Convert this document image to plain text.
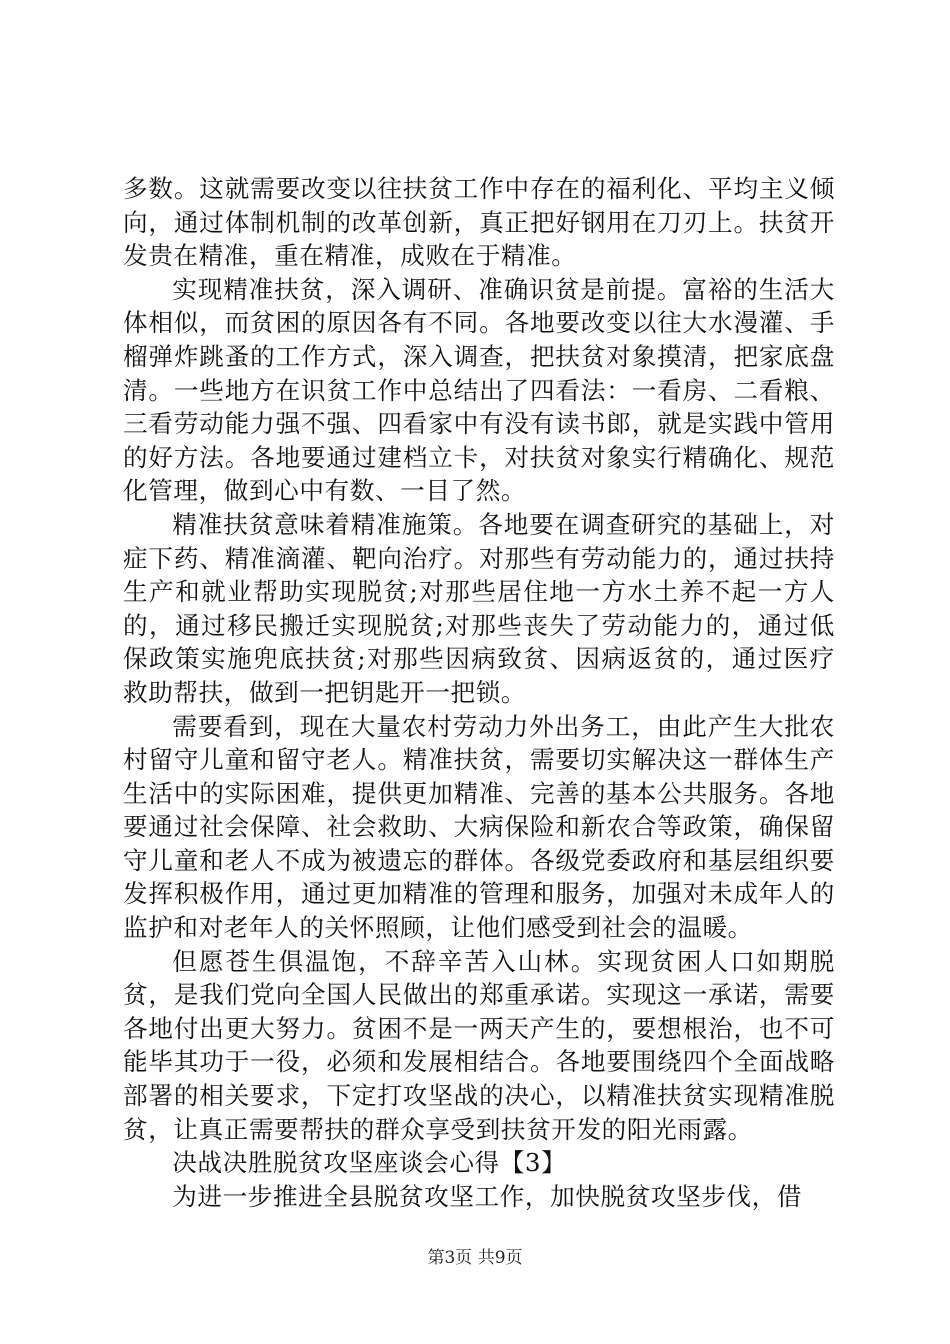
多数。这就需要改变以往扶贫工作中存在的福利化、平均主义倾向，通过体制机制的改革创新，真正把好钢用在刀刃上。扶贫开发贵在精准，重在精准，成败在于精准。

实现精准扶贫，深入调研、准确识贫是前提。富裕的生活大体相似，而贫困的原因各有不同。各地要改变以往大水漫灌、手榴弹炸跳蚤的工作方式，深入调查，把扶贫对象摸清，把家底盘清。一些地方在识贫工作中总结出了四看法：一看房、二看粮、三看劳动能力强不强、四看家中有没有读书郎，就是实践中管用的好方法。各地要通过建档立卡，对扶贫对象实行精确化、规范化管理，做到心中有数、一目了然。

精准扶贫意味着精准施策。各地要在调查研究的基础上，对症下药、精准滴灌、靶向治疗。对那些有劳动能力的，通过扶持生产和就业帮助实现脱贫;对那些居住地一方水土养不起一方人的，通过移民搬迁实现脱贫;对那些丧失了劳动能力的，通过低保政策实施兜底扶贫;对那些因病致贫、因病返贫的，通过医疗救助帮扶，做到一把钥匙开一把锁。

需要看到，现在大量农村劳动力外出务工，由此产生大批农村留守儿童和留守老人。精准扶贫，需要切实解决这一群体生产生活中的实际困难，提供更加精准、完善的基本公共服务。各地要通过社会保障、社会救助、大病保险和新农合等政策，确保留守儿童和老人不成为被遗忘的群体。各级党委政府和基层组织要发挥积极作用，通过更加精准的管理和服务，加强对未成年人的监护和对老年人的关怀照顾，让他们感受到社会的温暖。

但愿苍生俱温饱，不辞辛苦入山林。实现贫困人口如期脱贫，是我们党向全国人民做出的郑重承诺。实现这一承诺，需要各地付出更大努力。贫困不是一两天产生的，要想根治，也不可能毕其功于一役，必须和发展相结合。各地要围绕四个全面战略部署的相关要求，下定打攻坚战的决心，以精准扶贫实现精准脱贫，让真正需要帮扶的群众享受到扶贫开发的阳光雨露。

决战决胜脱贫攻坚座谈会心得【3】

为进一步推进全县脱贫攻坚工作，加快脱贫攻坚步伐，借

第3页 共9页
